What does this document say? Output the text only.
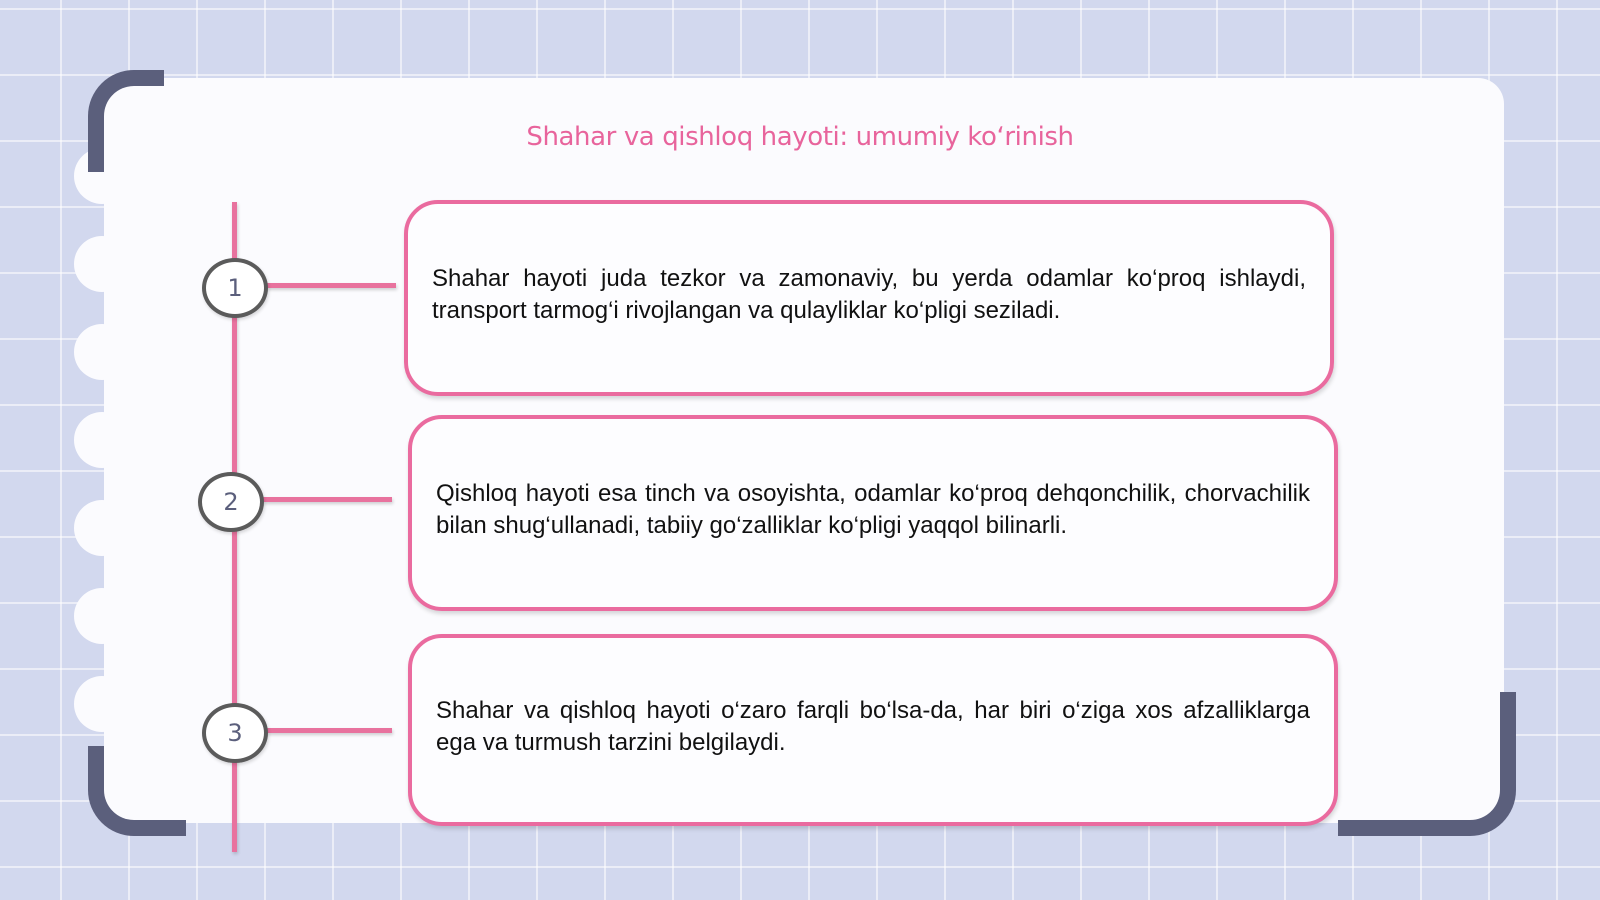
Shahar va qishloq hayoti: umumiy koʻrinish
1	Shahar hayoti juda tezkor va zamonaviy, bu yerda odamlar ko‘proq ishlaydi, transport tarmog‘i rivojlangan va qulayliklar ko‘pligi seziladi.
2	Qishloq hayoti esa tinch va osoyishta, odamlar ko‘proq dehqonchilik, chorvachilik bilan shug‘ullanadi, tabiiy go‘zalliklar ko‘pligi yaqqol bilinarli.
3
Shahar va qishloq hayoti o‘zaro farqli bo‘lsa-da, har biri o‘ziga xos afzalliklarga ega va turmush tarzini belgilaydi.
